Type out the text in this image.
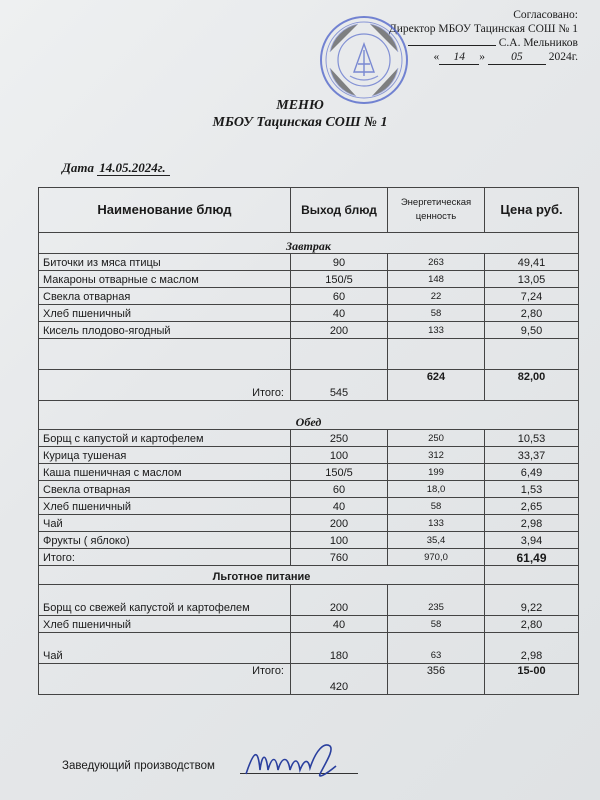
Согласовано:
Директор МБОУ Тацинская СОШ № 1
С.А. Мельников
« 14 » 05 2024г.
МЕНЮ
МБОУ Тацинская СОШ № 1
Дата 14.05.2024г.
Наименование блюд	Выход блюд	Энергетическая ценность	Цена руб.
Завтрак			
Биточки из мяса птицы	90	263	49,41
Макароны отварные с маслом	150/5	148	13,05
Свекла отварная	60	22	7,24
Хлеб пшеничный	40	58	2,80
Кисель плодово-ягодный	200	133	9,50

Итого:	545	624	82,00
Обед			
Борщ с капустой и картофелем	250	250	10,53
Курица тушеная	100	312	33,37
Каша пшеничная с маслом	150/5	199	6,49
Свекла отварная	60	18,0	1,53
Хлеб пшеничный	40	58	2,65
Чай	200	133	2,98
Фрукты ( яблоко)	100	35,4	3,94
Итого:	760	970,0	61,49
Льготное питание			
Борщ со свежей капустой и картофелем	200	235	9,22
Хлеб пшеничный	40	58	2,80
Чай	180	63	2,98
Итого:	420	356	15-00
Заведующий производством
